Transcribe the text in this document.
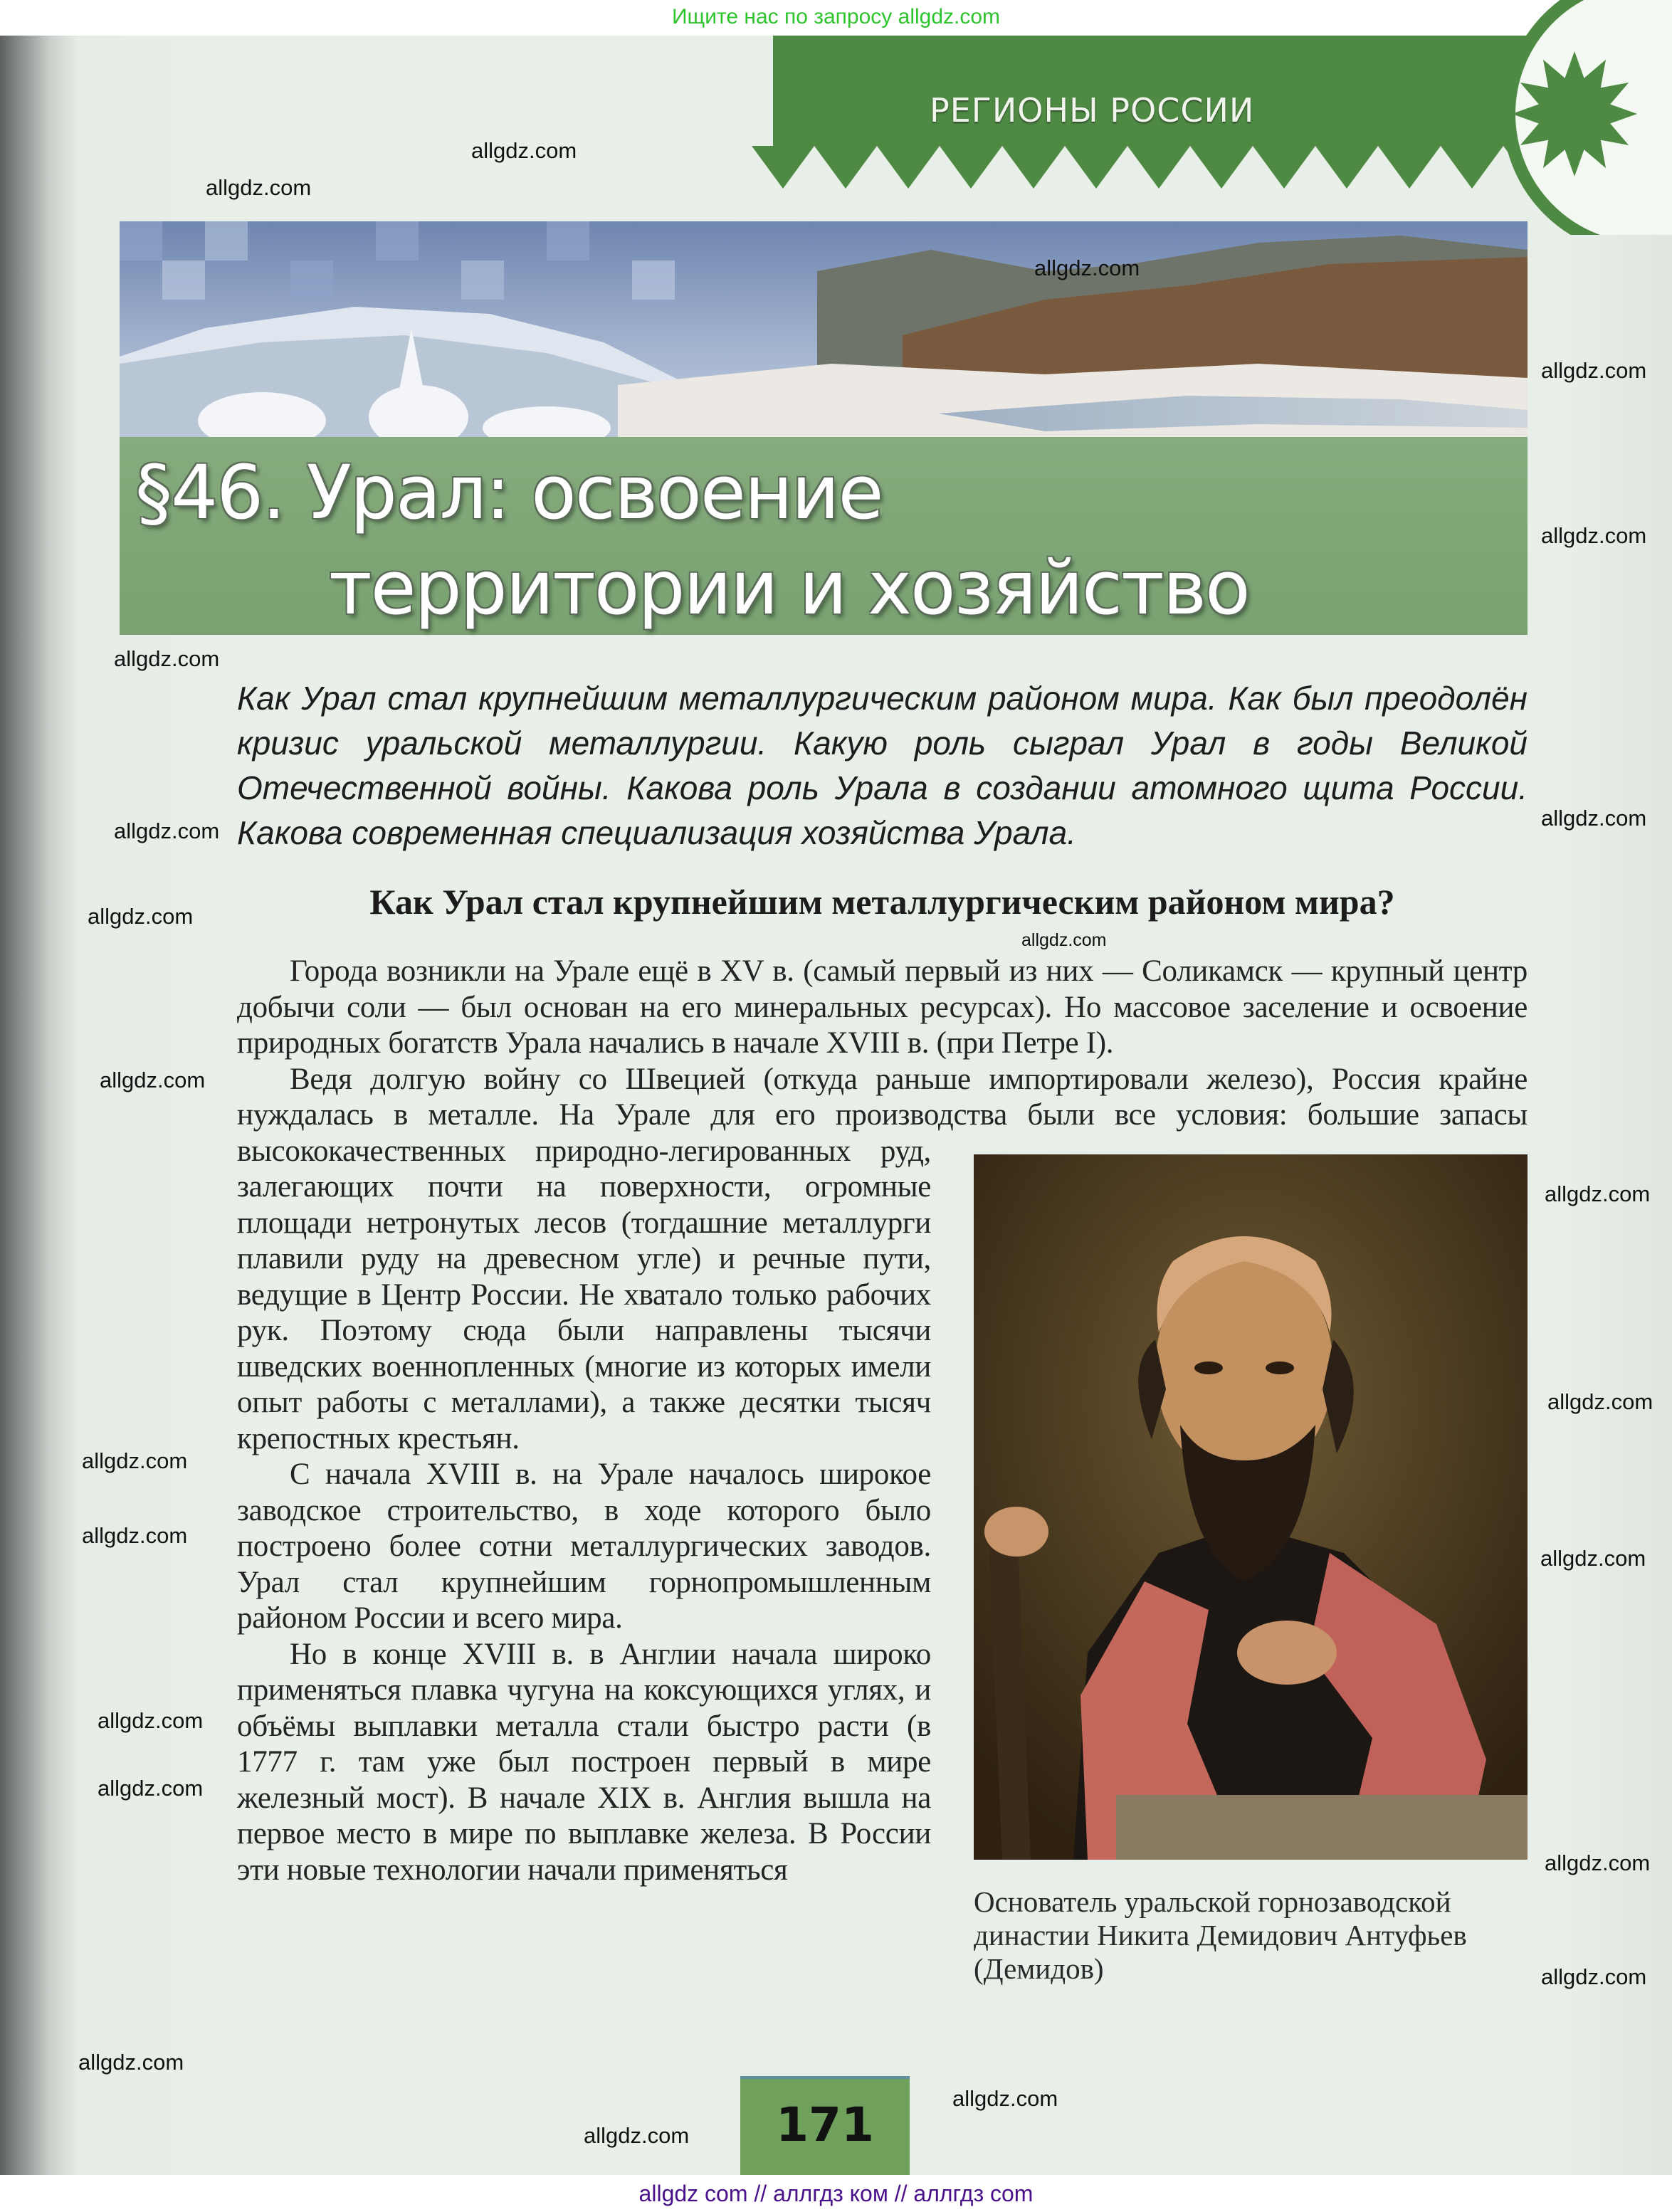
Ищите нас по запросу allgdz.com
РЕГИОНЫ РОССИИ
§46. Урал: освоение
территории и хозяйство
Как Урал стал крупнейшим металлургическим районом мира. Как был преодолён кризис уральской металлургии. Какую роль сыграл Урал в годы Великой Отечественной войны. Какова роль Урала в создании атомного щита России. Какова современная специализация хозяйства Урала.
Как Урал стал крупнейшим металлургическим районом мира?

Города возникли на Урале ещё в XV в. (самый первый из них — Соликамск — крупный центр добычи соли — был основан на его минеральных ресурсах). Но массовое заселение и освоение природных богатств Урала начались в начале XVIII в. (при Петре I).

Основатель уральской горнозаводской династии Никита Демидович Антуфьев (Демидов)

Ведя долгую войну со Швецией (откуда раньше импортировали железо), Россия крайне нуждалась в металле. На Урале для его производства были все условия: большие запасы высококачественных природно-легированных руд, залегающих почти на поверхности, огромные площади нетронутых лесов (тогдашние металлурги плавили руду на древесном угле) и речные пути, ведущие в Центр России. Не хватало только рабочих рук. Поэтому сюда были направлены тысячи шведских военнопленных (многие из которых имели опыт работы с металлами), а также десятки тысяч крепостных крестьян.

С начала XVIII в. на Урале началось широкое заводское строительство, в ходе которого было построено более сотни металлургических заводов. Урал стал крупнейшим горнопромышленным районом России и всего мира.

Но в конце XVIII в. в Англии начала широко применяться плавка чугуна на коксующихся углях, и объёмы выплавки металла стали быстро расти (в 1777 г. там уже был построен первый в мире железный мост). В начале XIX в. Англия вышла на первое место в мире по выплавке железа. В России эти новые технологии начали применяться

171
allgdz.com
allgdz.com
allgdz.com
allgdz.com
allgdz.com
allgdz.com
allgdz.com
allgdz.com
allgdz.com
allgdz.com
allgdz.com
allgdz.com
allgdz.com
allgdz.com
allgdz.com
allgdz.com
allgdz.com
allgdz.com
allgdz.com
allgdz.com
allgdz.com
allgdz.com
allgdz.com
allgdz com // аллгдз ком // аллгдз com
